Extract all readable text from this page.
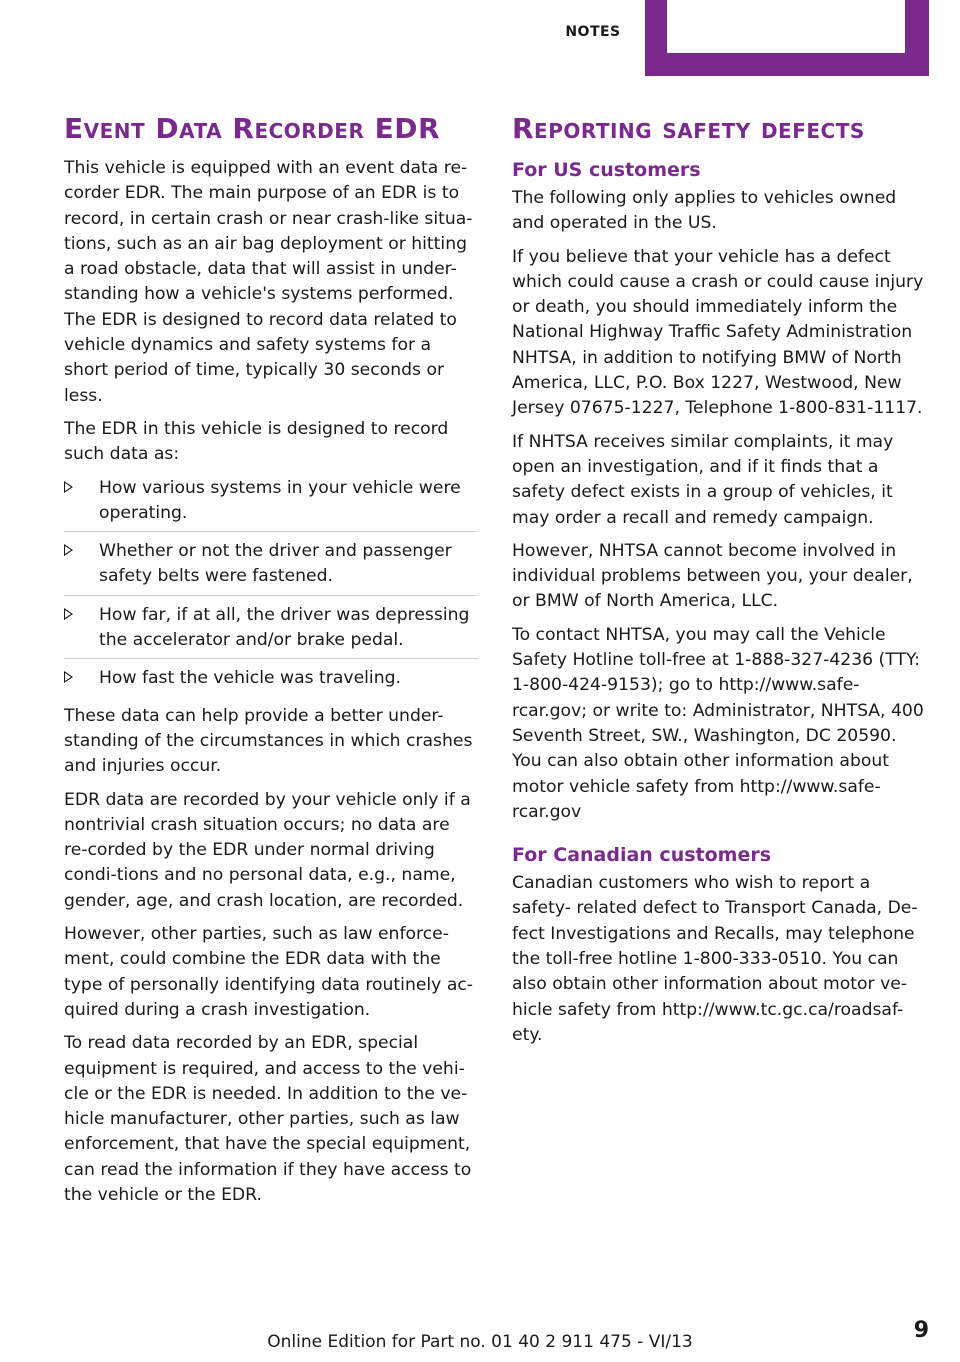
NOTES
Event Data Recorder EDR

This vehicle is equipped with an event data re-corder EDR. The main purpose of an EDR is to record, in certain crash or near crash-like situa-tions, such as an air bag deployment or hitting a road obstacle, data that will assist in under-standing how a vehicle's systems performed. The EDR is designed to record data related to vehicle dynamics and safety systems for a short period of time, typically 30 seconds or less.

The EDR in this vehicle is designed to record such data as:

How various systems in your vehicle were operating.
Whether or not the driver and passenger safety belts were fastened.
How far, if at all, the driver was depressing the accelerator and/or brake pedal.
How fast the vehicle was traveling.

These data can help provide a better under-standing of the circumstances in which crashes and injuries occur.

EDR data are recorded by your vehicle only if a nontrivial crash situation occurs; no data are re-corded by the EDR under normal driving condi-tions and no personal data, e.g., name, gender, age, and crash location, are recorded.

However, other parties, such as law enforce-ment, could combine the EDR data with the type of personally identifying data routinely ac-quired during a crash investigation.

To read data recorded by an EDR, special equipment is required, and access to the vehi-cle or the EDR is needed. In addition to the ve-hicle manufacturer, other parties, such as law enforcement, that have the special equipment, can read the information if they have access to the vehicle or the EDR.

Reporting safety defects
For US customers

The following only applies to vehicles owned and operated in the US.

If you believe that your vehicle has a defect which could cause a crash or could cause injury or death, you should immediately inform the National Highway Traffic Safety Administration NHTSA, in addition to notifying BMW of North America, LLC, P.O. Box 1227, Westwood, New Jersey 07675-1227, Telephone 1-800-831-1117.

If NHTSA receives similar complaints, it may open an investigation, and if it finds that a safety defect exists in a group of vehicles, it may order a recall and remedy campaign.

However, NHTSA cannot become involved in individual problems between you, your dealer, or BMW of North America, LLC.

To contact NHTSA, you may call the Vehicle Safety Hotline toll-free at 1-888-327-4236 (TTY: 1-800-424-9153); go to http://www.safe-rcar.gov; or write to: Administrator, NHTSA, 400 Seventh Street, SW., Washington, DC 20590. You can also obtain other information about motor vehicle safety from http://www.safe-rcar.gov

For Canadian customers

Canadian customers who wish to report a safety- related defect to Transport Canada, De-fect Investigations and Recalls, may telephone the toll-free hotline 1-800-333-0510. You can also obtain other information about motor ve-hicle safety from http://www.tc.gc.ca/roadsaf-ety.

Online Edition for Part no. 01 40 2 911 475 - VI/13	9
